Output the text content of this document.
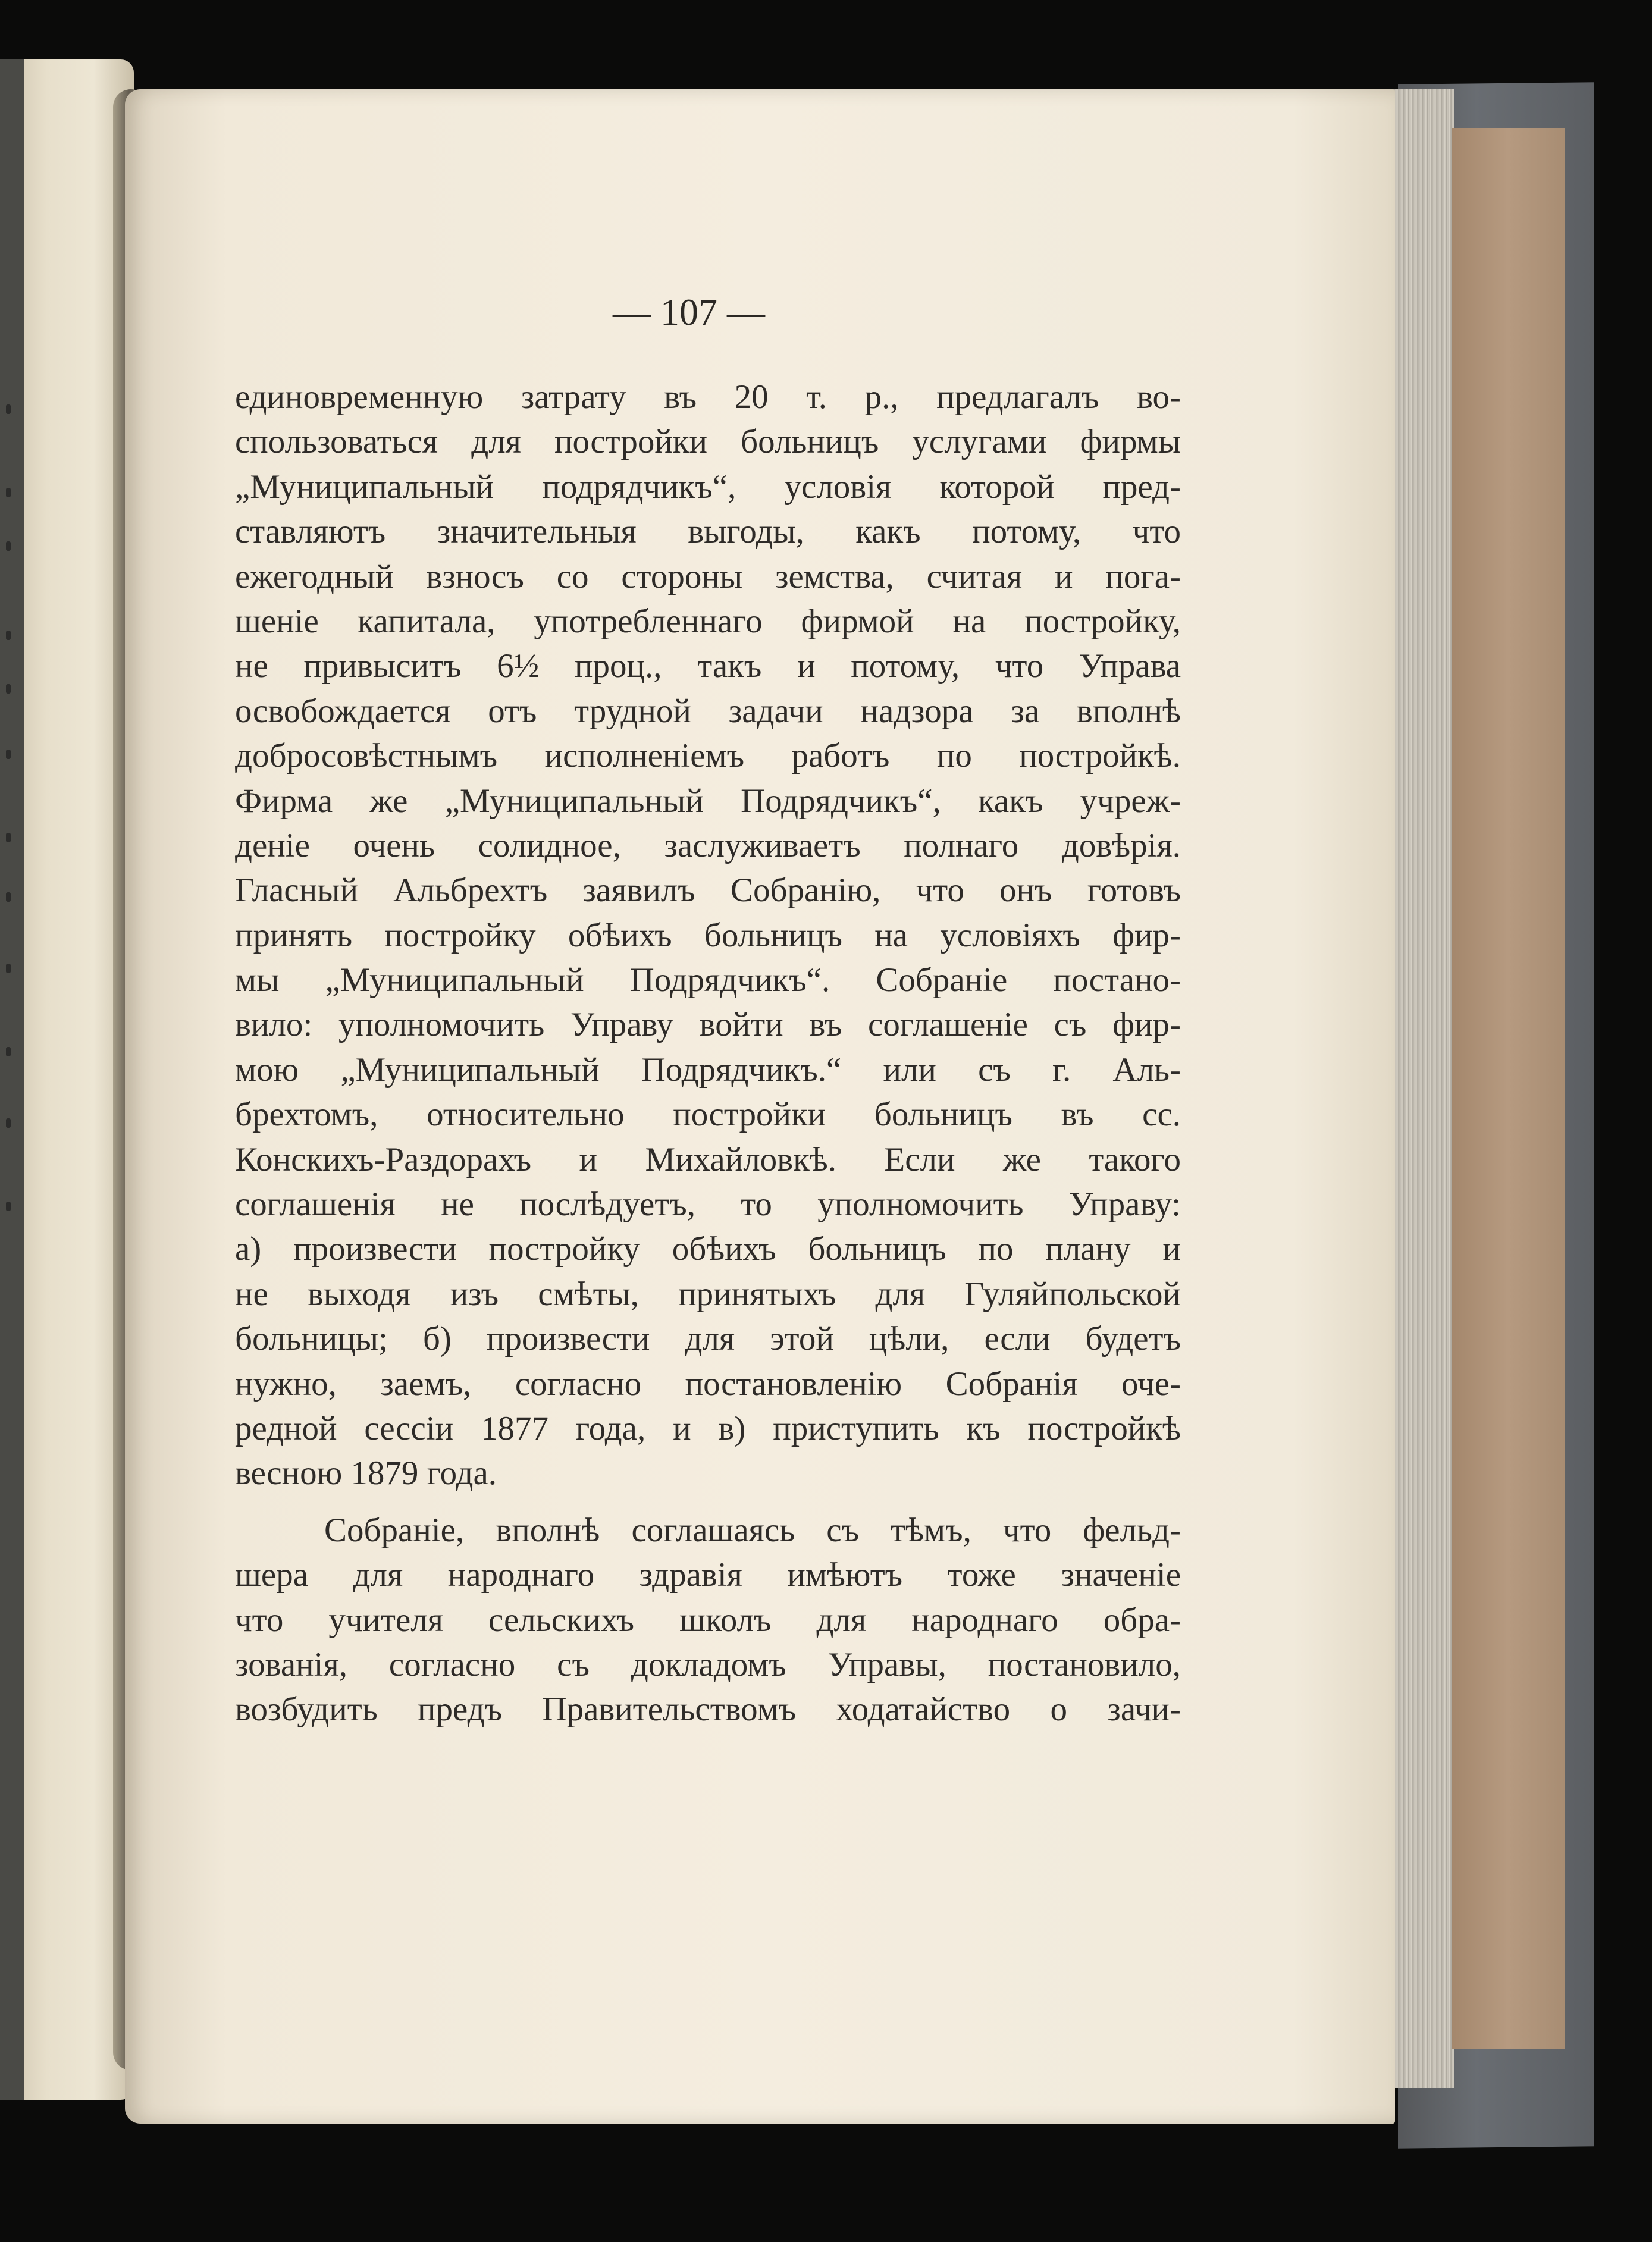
— 107 —
единовременную затрату въ 20 т. р., предлагалъ во-
спользоваться для постройки больницъ услугами фирмы
„Муниципальный подрядчикъ“, условія которой пред-
ставляютъ значительныя выгоды, какъ потому, что
ежегодный взносъ со стороны земства, считая и пога-
шеніе капитала, употребленнаго фирмой на постройку,
не привыситъ 6½ проц., такъ и потому, что Управа
освобождается отъ трудной задачи надзора за вполнѣ
добросовѣстнымъ исполненіемъ работъ по постройкѣ.
Фирма же „Муниципальный Подрядчикъ“, какъ учреж-
деніе очень солидное, заслуживаетъ полнаго довѣрія.
Гласный Альбрехтъ заявилъ Собранію, что онъ готовъ
принять постройку обѣихъ больницъ на условіяхъ фир-
мы „Муниципальный Подрядчикъ“. Собраніе постано-
вило: уполномочить Управу войти въ соглашеніе съ фир-
мою „Муниципальный Подрядчикъ.“ или съ г. Аль-
брехтомъ, относительно постройки больницъ въ сс.
Конскихъ-Раздорахъ и Михайловкѣ. Если же такого
соглашенія не послѣдуетъ, то уполномочить Управу:
а) произвести постройку обѣихъ больницъ по плану и
не выходя изъ смѣты, принятыхъ для Гуляйпольской
больницы; б) произвести для этой цѣли, если будетъ
нужно, заемъ, согласно постановленію Собранія оче-
редной сессіи 1877 года, и в) приступить къ постройкѣ
весною 1879 года.
Собраніе, вполнѣ соглашаясь съ тѣмъ, что фельд-
шера для народнаго здравія имѣютъ тоже значеніе
что учителя сельскихъ школъ для народнаго обра-
зованія, согласно съ докладомъ Управы, постановило,
возбудить предъ Правительствомъ ходатайство о зачи-
